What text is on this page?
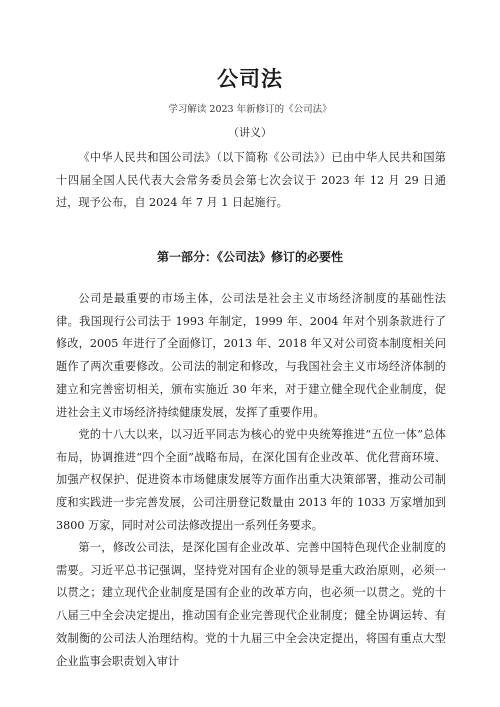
公司法
学习解读 2023 年新修订的《公司法》
（讲义）

《中华人民共和国公司法》（以下简称《公司法》）已由中华人民共和国第十四届全国人民代表大会常务委员会第七次会议于 2023 年 12 月 29 日通过，现予公布，自 2024 年 7 月 1 日起施行。

第一部分：《公司法》修订的必要性

公司是最重要的市场主体，公司法是社会主义市场经济制度的基础性法律。我国现行公司法于 1993 年制定，1999 年、2004 年对个别条款进行了修改，2005 年进行了全面修订，2013 年、2018 年又对公司资本制度相关问题作了两次重要修改。公司法的制定和修改，与我国社会主义市场经济体制的建立和完善密切相关，颁布实施近 30 年来，对于建立健全现代企业制度，促进社会主义市场经济持续健康发展，发挥了重要作用。

党的十八大以来，以习近平同志为核心的党中央统筹推进“五位一体”总体布局，协调推进“四个全面”战略布局，在深化国有企业改革、优化营商环境、加强产权保护、促进资本市场健康发展等方面作出重大决策部署，推动公司制度和实践进一步完善发展，公司注册登记数量由 2013 年的 1033 万家增加到 3800 万家，同时对公司法修改提出一系列任务要求。

第一，修改公司法，是深化国有企业改革、完善中国特色现代企业制度的需要。习近平总书记强调，坚持党对国有企业的领导是重大政治原则，必须一以贯之；建立现代企业制度是国有企业的改革方向，也必须一以贯之。党的十八届三中全会决定提出，推动国有企业完善现代企业制度；健全协调运转、有效制衡的公司法人治理结构。党的十九届三中全会决定提出，将国有重点大型企业监事会职责划入审计
